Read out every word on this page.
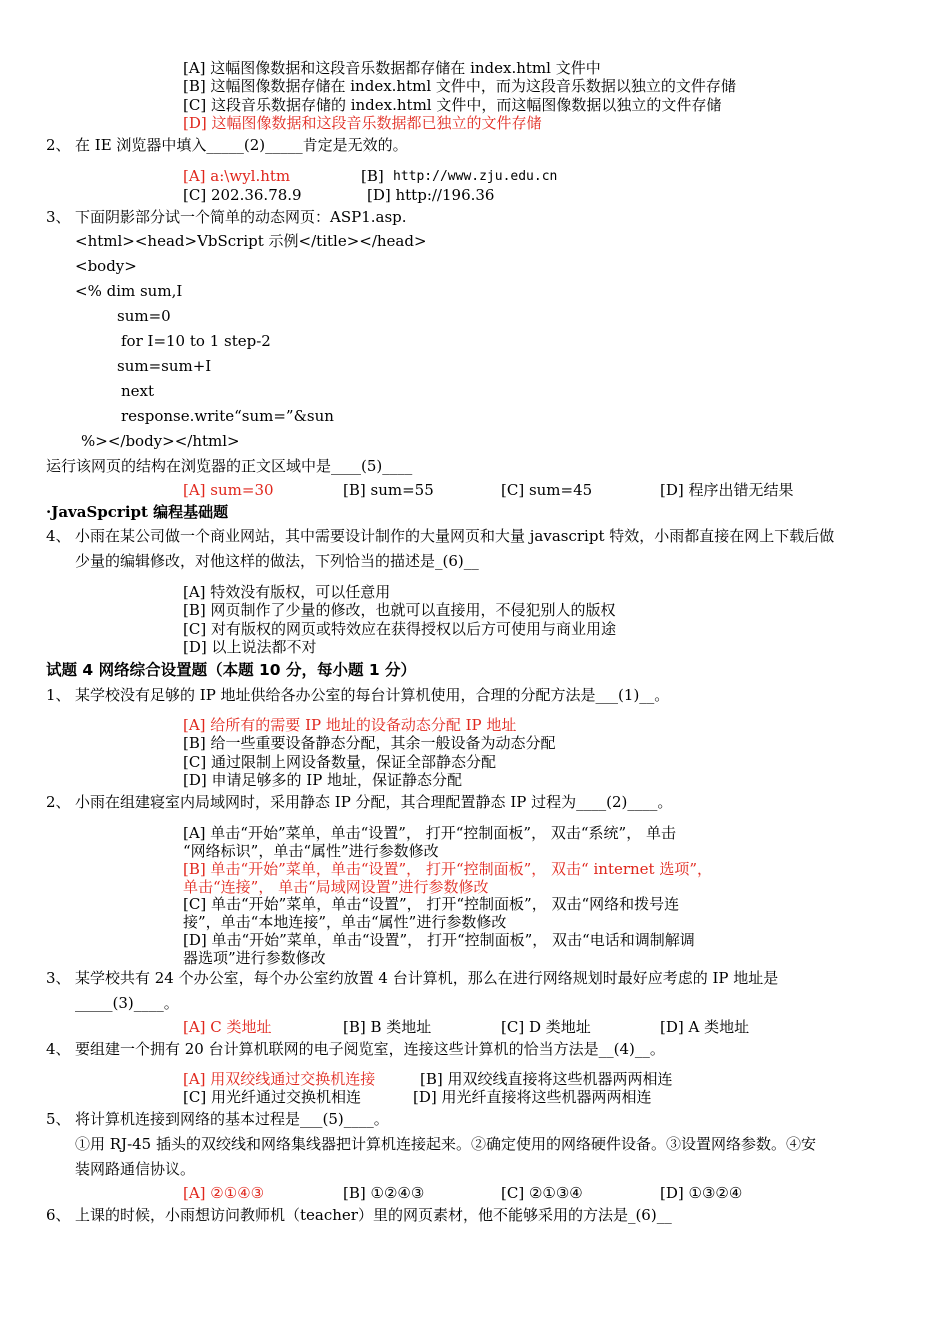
[A] 这幅图像数据和这段音乐数据都存储在 index.html 文件中
[B] 这幅图像数据存储在 index.html 文件中，而为这段音乐数据以独立的文件存储
[C] 这段音乐数据存储的 index.html 文件中，而这幅图像数据以独立的文件存储
[D] 这幅图像数据和这段音乐数据都已独立的文件存储
2、 在 IE 浏览器中填入_____(2)_____肯定是无效的。
[A] a:\wyl.htm	[B] http://www.zju.edu.cn
[C] 202.36.78.9	[D] http://196.36
3、 下面阴影部分试一个简单的动态网页：ASP1.asp.
<html><head>VbScript 示例</title></head>
<body>
<% dim sum,I
sum=0
for I=10 to 1 step-2
sum=sum+I
next
response.write“sum=”&sun
%></body></html>
运行该网页的结构在浏览器的正文区域中是____(5)____
[A] sum=30	[B] sum=55	[C] sum=45	[D] 程序出错无结果
·JavaSpcript 编程基础题
4、 小雨在某公司做一个商业网站，其中需要设计制作的大量网页和大量 javascript 特效，小雨都直接在网上下载后做
少量的编辑修改，对他这样的做法，下列恰当的描述是_(6)__
[A] 特效没有版权，可以任意用
[B] 网页制作了少量的修改，也就可以直接用，不侵犯别人的版权
[C] 对有版权的网页或特效应在获得授权以后方可使用与商业用途
[D] 以上说法都不对
试题 4 网络综合设置题（本题 10 分，每小题 1 分）
1、 某学校没有足够的 IP 地址供给各办公室的每台计算机使用，合理的分配方法是___(1)__。
[A] 给所有的需要 IP 地址的设备动态分配 IP 地址
[B] 给一些重要设备静态分配，其余一般设备为动态分配
[C] 通过限制上网设备数量，保证全部静态分配
[D] 申请足够多的 IP 地址，保证静态分配
2、 小雨在组建寝室内局域网时，采用静态 IP 分配，其合理配置静态 IP 过程为____(2)____。
[A] 单击“开始”菜单，单击“设置”， 打开“控制面板”， 双击“系统”， 单击
“网络标识”，单击“属性”进行参数修改
[B] 单击“开始”菜单，单击“设置”， 打开“控制面板”， 双击“ internet 选项”，
单击“连接”， 单击“局域网设置”进行参数修改
[C] 单击“开始”菜单，单击“设置”， 打开“控制面板”， 双击“网络和拨号连
接”，单击“本地连接”，单击“属性”进行参数修改
[D] 单击“开始”菜单，单击“设置”， 打开“控制面板”， 双击“电话和调制解调
器选项”进行参数修改
3、 某学校共有 24 个办公室，每个办公室约放置 4 台计算机，那么在进行网络规划时最好应考虑的 IP 地址是
_____(3)____。
[A] C 类地址	[B] B 类地址	[C] D 类地址	[D] A 类地址
4、 要组建一个拥有 20 台计算机联网的电子阅览室，连接这些计算机的恰当方法是__(4)__。
[A] 用双绞线通过交换机连接	[B] 用双绞线直接将这些机器两两相连
[C] 用光纤通过交换机相连	[D] 用光纤直接将这些机器两两相连
5、 将计算机连接到网络的基本过程是___(5)____。
①用 RJ-45 插头的双绞线和网络集线器把计算机连接起来。②确定使用的网络硬件设备。③设置网络参数。④安
装网路通信协议。
[A] ②①④③	[B] ①②④③	[C] ②①③④	[D] ①③②④
6、 上课的时候，小雨想访问教师机（teacher）里的网页素材，他不能够采用的方法是_(6)__
